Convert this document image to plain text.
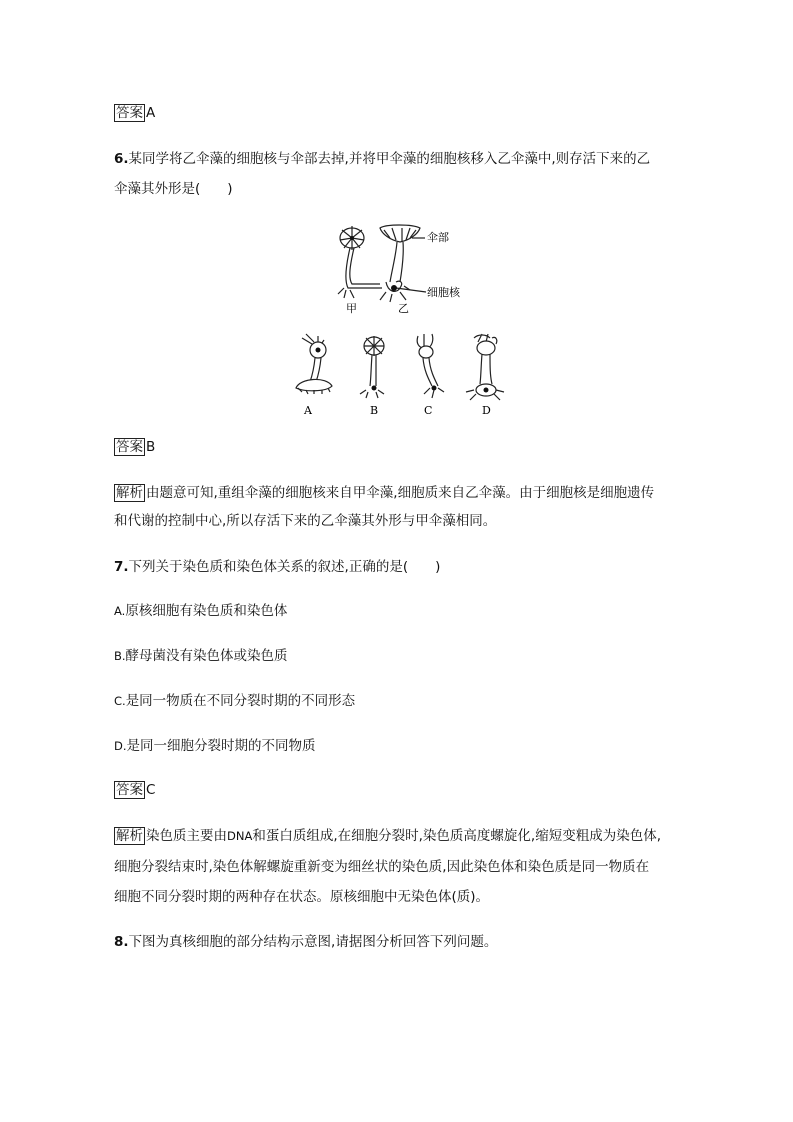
答案 A
6.某同学将乙伞藻的细胞核与伞部去掉,并将甲伞藻的细胞核移入乙伞藻中,则存活下来的乙
伞藻其外形是(　　)
伞部
细胞核
甲	乙
A	B	C	D
答案 B
解析 由题意可知,重组伞藻的细胞核来自甲伞藻,细胞质来自乙伞藻。由于细胞核是细胞遗传
和代谢的控制中心,所以存活下来的乙伞藻其外形与甲伞藻相同。
7.下列关于染色质和染色体关系的叙述,正确的是(　　)
A.原核细胞有染色质和染色体
B.酵母菌没有染色体或染色质
C.是同一物质在不同分裂时期的不同形态
D.是同一细胞分裂时期的不同物质
答案 C
解析 染色质主要由DNA和蛋白质组成,在细胞分裂时,染色质高度螺旋化,缩短变粗成为染色体,
细胞分裂结束时,染色体解螺旋重新变为细丝状的染色质,因此染色体和染色质是同一物质在
细胞不同分裂时期的两种存在状态。原核细胞中无染色体(质)。
8.下图为真核细胞的部分结构示意图,请据图分析回答下列问题。
